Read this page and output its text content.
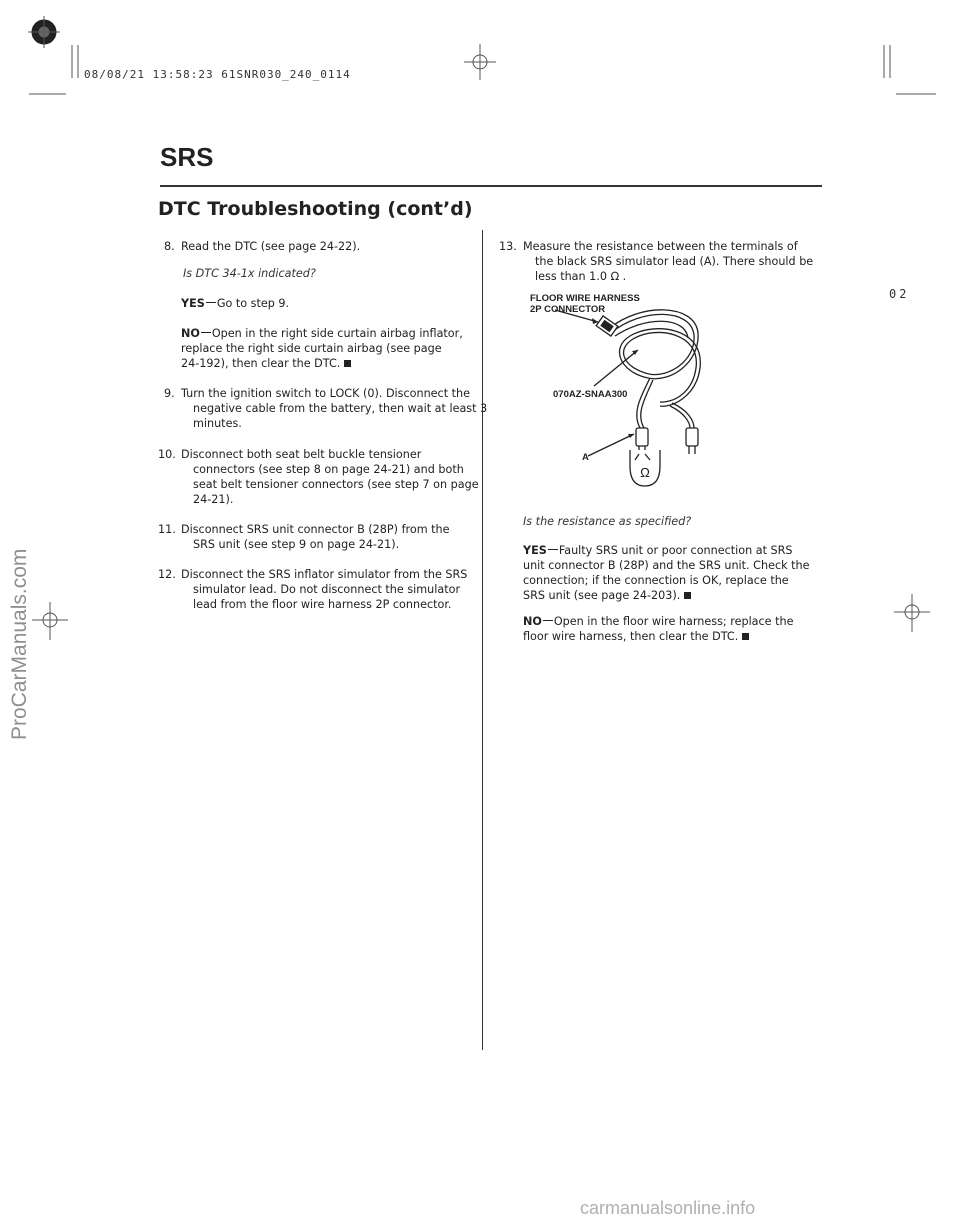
08/08/21 13:58:23 61SNR030_240_0114
SRS
DTC Troubleshooting (cont’d)
02
ProCarManuals.com
carmanualsonline.info
8. Read the DTC (see page 24-22).
Is DTC 34-1x indicated?
YES Go to step 9.
NO Open in the right side curtain airbag inflator,
replace the right side curtain airbag (see page
24-192), then clear the DTC.
9. Turn the ignition switch to LOCK (0). Disconnect the
negative cable from the battery, then wait at least 3
minutes.
10. Disconnect both seat belt buckle tensioner
connectors (see step 8 on page 24-21) and both
seat belt tensioner connectors (see step 7 on page
24-21).
11. Disconnect SRS unit connector B (28P) from the
SRS unit (see step 9 on page 24-21).
12. Disconnect the SRS inflator simulator from the SRS
simulator lead. Do not disconnect the simulator
lead from the floor wire harness 2P connector.
13. Measure the resistance between the terminals of
the black SRS simulator lead (A). There should be
less than 1.0 Ω .
Is the resistance as specified?
YES Faulty SRS unit or poor connection at SRS
unit connector B (28P) and the SRS unit. Check the
connection; if the connection is OK, replace the
SRS unit (see page 24-203).
NO Open in the floor wire harness; replace the
floor wire harness, then clear the DTC.
FLOOR WIRE HARNESS
2P CONNECTOR
070AZ-SNAA300
A
Ω
